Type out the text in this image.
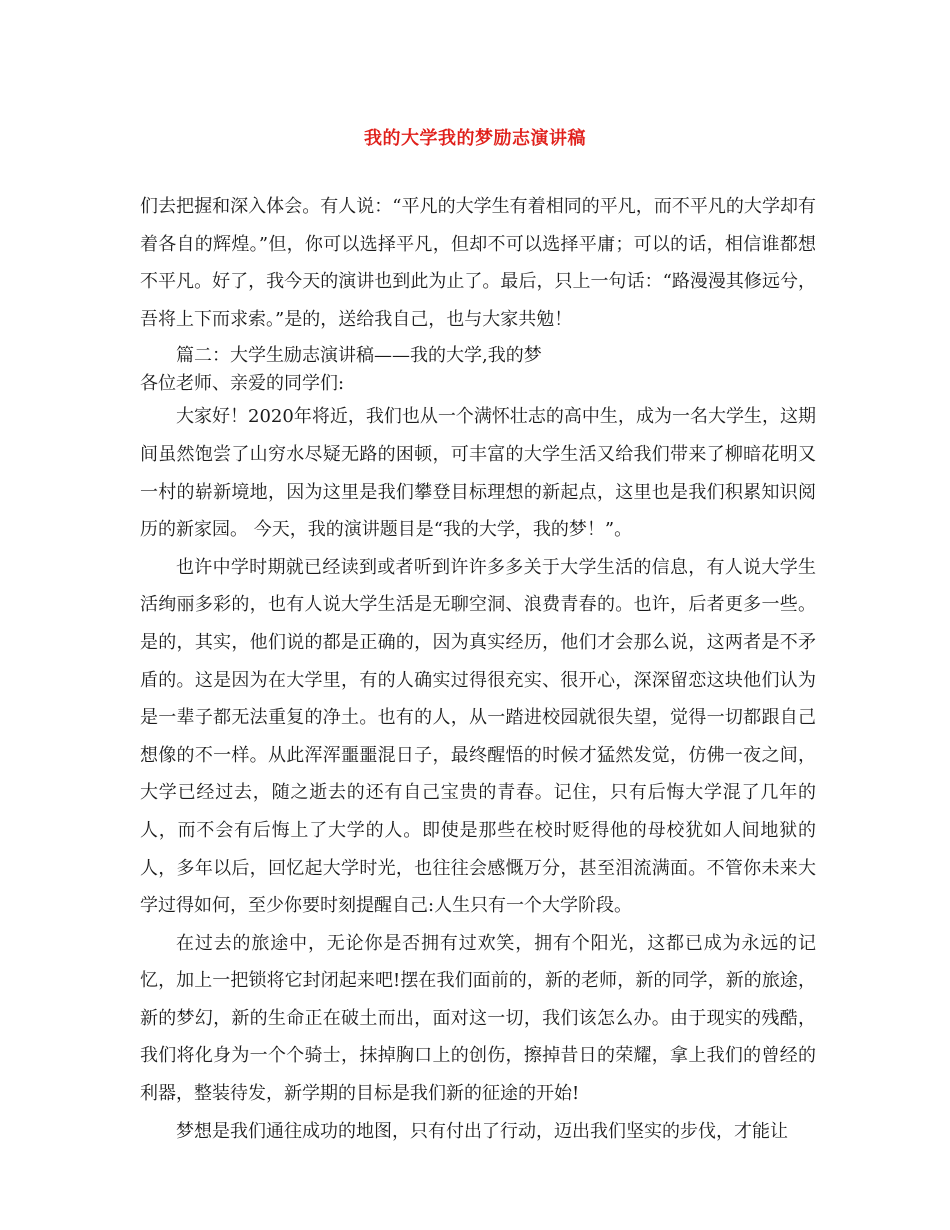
我的大学我的梦励志演讲稿

们去把握和深入体会。有人说：“平凡的大学生有着相同的平凡，而不平凡的大学却有着各自的辉煌。”但，你可以选择平凡，但却不可以选择平庸；可以的话，相信谁都想不平凡。好了，我今天的演讲也到此为止了。最后，只上一句话：“路漫漫其修远兮，吾将上下而求索。”是的，送给我自己，也与大家共勉！

篇二：大学生励志演讲稿——我的大学,我的梦

各位老师、亲爱的同学们:

大家好！2020年将近，我们也从一个满怀壮志的高中生，成为一名大学生，这期间虽然饱尝了山穷水尽疑无路的困顿，可丰富的大学生活又给我们带来了柳暗花明又一村的崭新境地，因为这里是我们攀登目标理想的新起点，这里也是我们积累知识阅历的新家园。 今天，我的演讲题目是“我的大学，我的梦！”。

也许中学时期就已经读到或者听到许许多多关于大学生活的信息，有人说大学生活绚丽多彩的，也有人说大学生活是无聊空洞、浪费青春的。也许，后者更多一些。是的，其实，他们说的都是正确的，因为真实经历，他们才会那么说，这两者是不矛盾的。这是因为在大学里，有的人确实过得很充实、很开心，深深留恋这块他们认为是一辈子都无法重复的净土。也有的人，从一踏进校园就很失望，觉得一切都跟自己想像的不一样。从此浑浑噩噩混日子，最终醒悟的时候才猛然发觉，仿佛一夜之间，大学已经过去，随之逝去的还有自己宝贵的青春。记住，只有后悔大学混了几年的人，而不会有后悔上了大学的人。即使是那些在校时贬得他的母校犹如人间地狱的人，多年以后，回忆起大学时光，也往往会感慨万分，甚至泪流满面。不管你未来大学过得如何，至少你要时刻提醒自己:人生只有一个大学阶段。

在过去的旅途中，无论你是否拥有过欢笑，拥有个阳光，这都已成为永远的记忆，加上一把锁将它封闭起来吧!摆在我们面前的，新的老师，新的同学，新的旅途，新的梦幻，新的生命正在破土而出，面对这一切，我们该怎么办。由于现实的残酷，我们将化身为一个个骑士，抹掉胸口上的创伤，擦掉昔日的荣耀，拿上我们的曾经的利器，整装待发，新学期的目标是我们新的征途的开始!

梦想是我们通往成功的地图，只有付出了行动，迈出我们坚实的步伐，才能让
